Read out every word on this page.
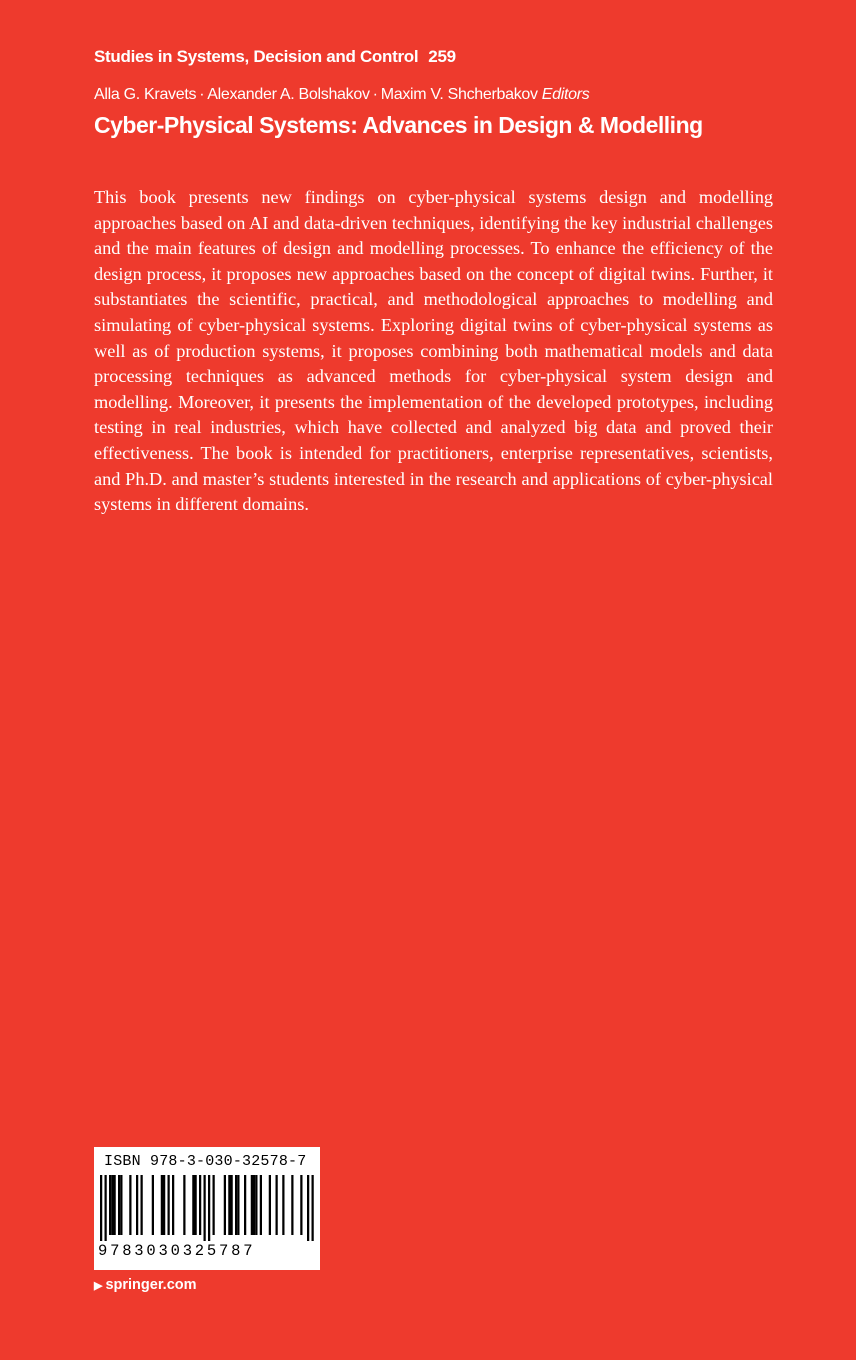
Studies in Systems, Decision and Control 259
Alla G. Kravets · Alexander A. Bolshakov · Maxim V. Shcherbakov Editors
Cyber-Physical Systems: Advances in Design & Modelling

This book presents new findings on cyber-physical systems design and modelling approaches based on AI and data-driven techniques, identifying the key industrial challenges and the main features of design and modelling processes. To enhance the efficiency of the design process, it proposes new approaches based on the concept of digital twins. Further, it substantiates the scientific, practical, and methodological approaches to modelling and simulating of cyber-physical systems. Exploring digital twins of cyber-physical systems as well as of production systems, it proposes combining both mathematical models and data processing techniques as advanced methods for cyber-physical system design and modelling. Moreover, it presents the implementation of the developed prototypes, including testing in real industries, which have collected and analyzed big data and proved their effectiveness. The book is intended for practitioners, enterprise representatives, scientists, and Ph.D. and master’s students interested in the research and applications of cyber-physical systems in different domains.

ISBN 978-3-030-32578-7
9783030325787
▶ springer.com
